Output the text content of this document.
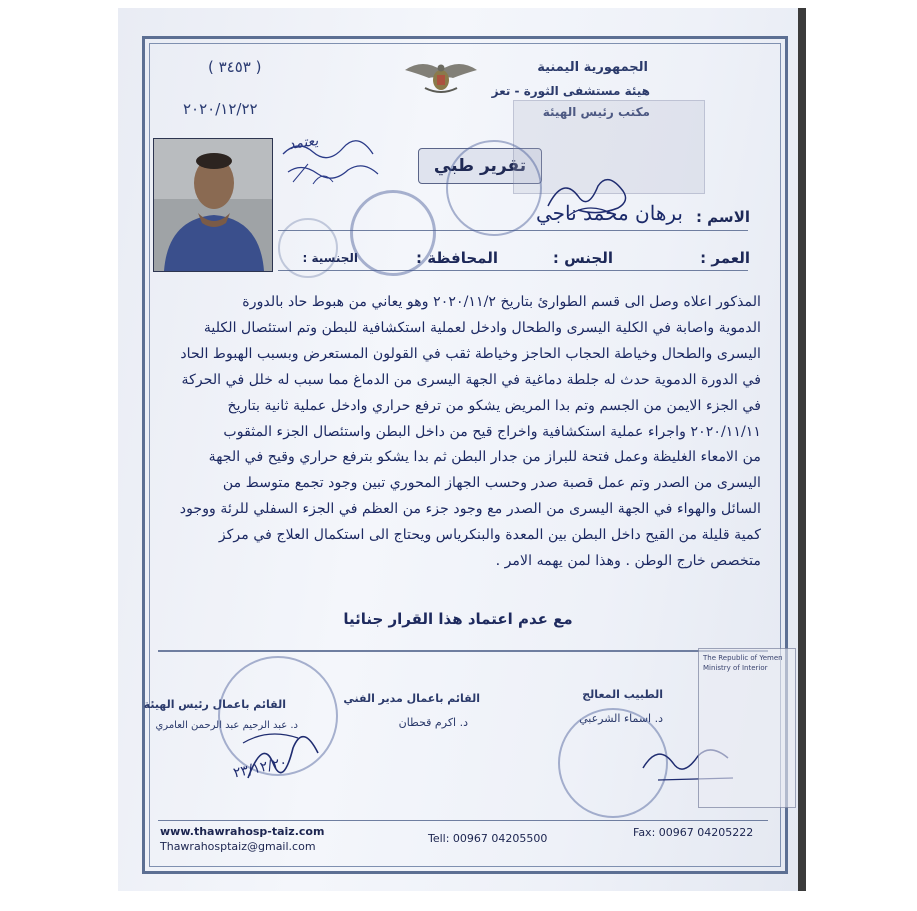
الجمهورية اليمنية
هيئة مستشفى الثورة - تعز
مكتب رئيس الهيئة
( ٣٤٥٣ )
٢٠٢٠/١٢/٢٢
تقرير طبي
يعتمد
الاسم :
برهان محمد ناجي
العمر :
الجنس :
المحافظة :
الجنسية :
المذكور اعلاه وصل الى قسم الطوارئ بتاريخ ٢٠٢٠/١١/٢ وهو يعاني من هبوط حاد بالدورة
الدموية واصابة في الكلية اليسرى والطحال وادخل لعملية استكشافية للبطن وتم استئصال الكلية
اليسرى والطحال وخياطة الحجاب الحاجز وخياطة ثقب في القولون المستعرض وبسبب الهبوط الحاد
في الدورة الدموية حدث له جلطة دماغية في الجهة اليسرى من الدماغ مما سبب له خلل في الحركة
في الجزء الايمن من الجسم وتم بدا المريض يشكو من ترفع حراري وادخل عملية ثانية بتاريخ
٢٠٢٠/١١/١١ واجراء عملية استكشافية واخراج قيح من داخل البطن واستئصال الجزء المثقوب
من الامعاء الغليظة وعمل فتحة للبراز من جدار البطن ثم بدا يشكو بترفع حراري وقيح في الجهة
اليسرى من الصدر وتم عمل قصبة صدر وحسب الجهاز المحوري تبين وجود تجمع متوسط من
السائل والهواء في الجهة اليسرى من الصدر مع وجود جزء من العظم في الجزء السفلي للرئة ووجود
كمية قليلة من القيح داخل البطن بين المعدة والبنكرياس ويحتاج الى استكمال العلاج في مركز
متخصص خارج الوطن . وهذا لمن يهمه الامر .
مع عدم اعتماد هذا القرار جنائيا
الطبيب المعالج
د. اسماء الشرعبي
القائم باعمال مدير الفني
د. اكرم قحطان
القائم باعمال رئيس الهيئة
د. عبد الرحيم عبد الرحمن العامري
٢٣/١٢/٢٠
The Republic of Yemen
Ministry of Interior
www.thawrahosp-taiz.com
Thawrahosptaiz@gmail.com
Tell: 00967 04205500	Fax: 00967 04205222
